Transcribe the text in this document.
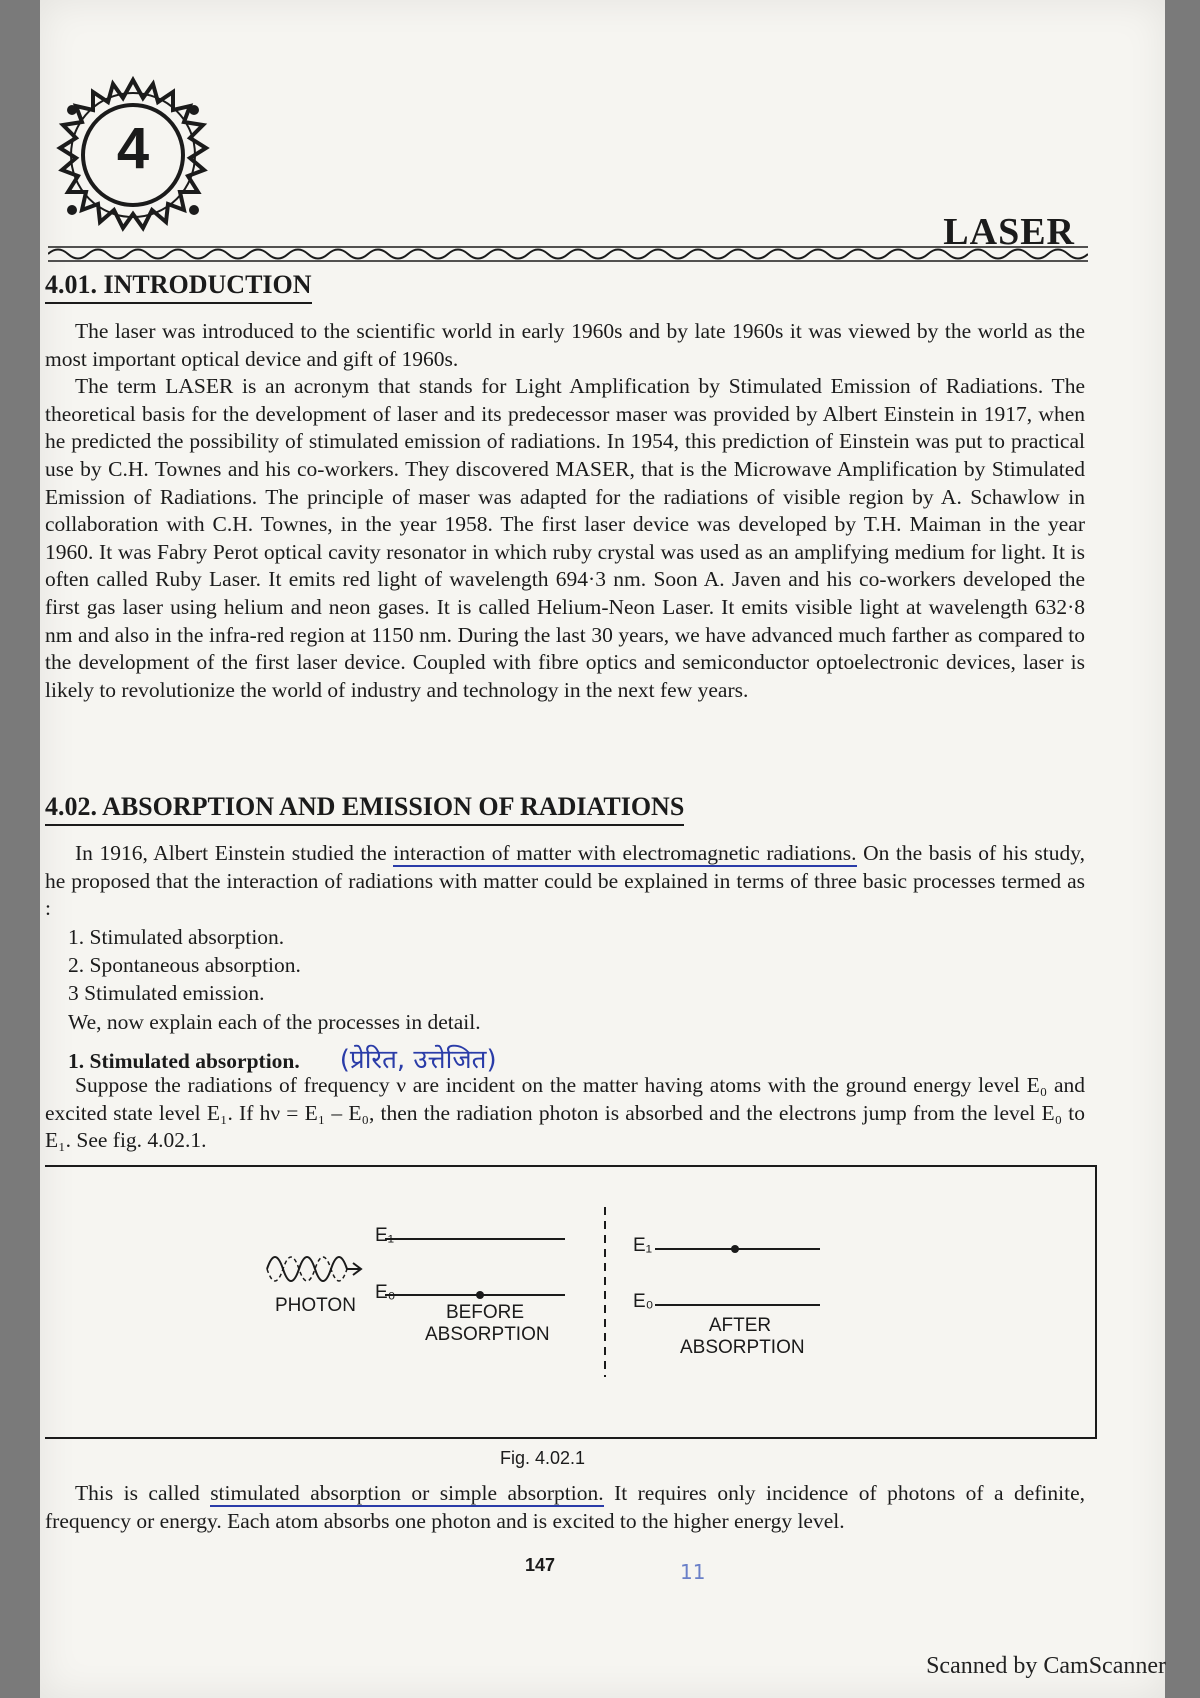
4
LASER
4.01. INTRODUCTION

The laser was introduced to the scientific world in early 1960s and by late 1960s it was viewed by the world as the most important optical device and gift of 1960s.

The term LASER is an acronym that stands for Light Amplification by Stimulated Emission of Radiations. The theoretical basis for the development of laser and its predecessor maser was provided by Albert Einstein in 1917, when he predicted the possibility of stimulated emission of radiations. In 1954, this prediction of Einstein was put to practical use by C.H. Townes and his co-workers. They discovered MASER, that is the Microwave Amplification by Stimulated Emission of Radiations. The principle of maser was adapted for the radiations of visible region by A. Schawlow in collaboration with C.H. Townes, in the year 1958. The first laser device was developed by T.H. Maiman in the year 1960. It was Fabry Perot optical cavity resonator in which ruby crystal was used as an amplifying medium for light. It is often called Ruby Laser. It emits red light of wavelength 694·3 nm. Soon A. Javen and his co-workers developed the first gas laser using helium and neon gases. It is called Helium-Neon Laser. It emits visible light at wavelength 632·8 nm and also in the infra-red region at 1150 nm. During the last 30 years, we have advanced much farther as compared to the development of the first laser device. Coupled with fibre optics and semiconductor optoelectronic devices, laser is likely to revolutionize the world of industry and technology in the next few years.

4.02. ABSORPTION AND EMISSION OF RADIATIONS

In 1916, Albert Einstein studied the interaction of matter with electromagnetic radiations. On the basis of his study, he proposed that the interaction of radiations with matter could be explained in terms of three basic processes termed as :

1. Stimulated absorption.
2. Spontaneous absorption.
3 Stimulated emission.
We, now explain each of the processes in detail.
1. Stimulated absorption. (प्रेरित, उत्तेजित)

Suppose the radiations of frequency ν are incident on the matter having atoms with the ground energy level E₀ and excited state level E₁. If hν = E₁ – E₀, then the radiation photon is absorbed and the electrons jump from the level E₀ to E₁. See fig. 4.02.1.

E₁
E₀
PHOTON	BEFORE
ABSORPTION
E₁
E₀
AFTER
ABSORPTION
Fig. 4.02.1

This is called stimulated absorption or simple absorption. It requires only incidence of photons of a definite, frequency or energy. Each atom absorbs one photon and is excited to the higher energy level.

147	11
Scanned by CamScanner
